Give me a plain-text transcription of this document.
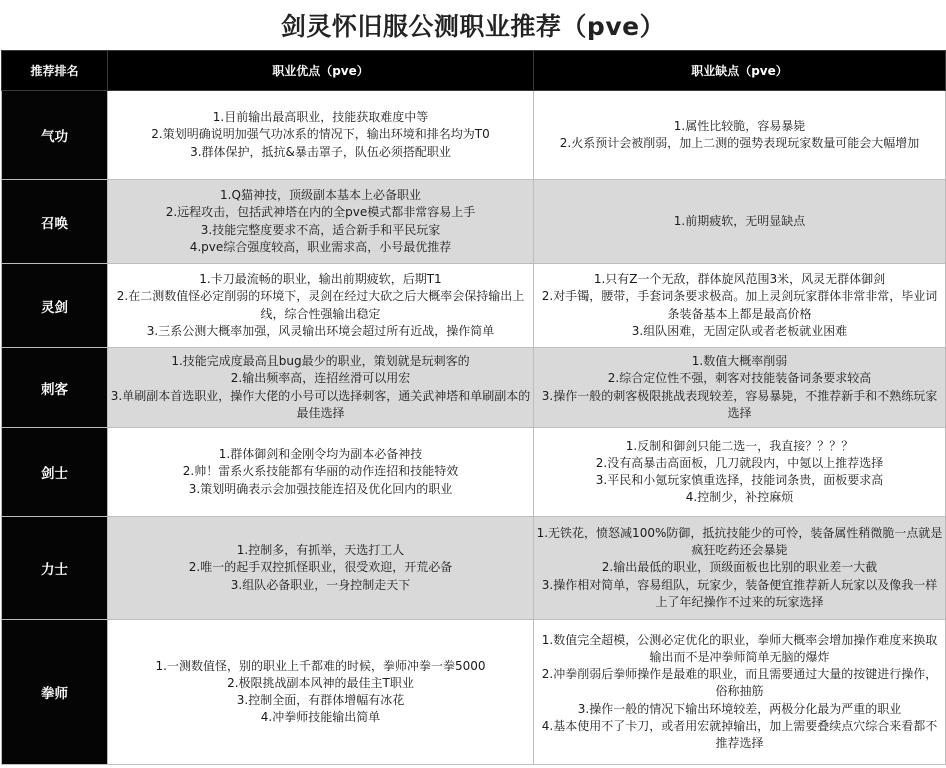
剑灵怀旧服公测职业推荐（pve）
推荐排名	职业优点（pve）	职业缺点（pve）
气功	1.目前输出最高职业，技能获取难度中等
2.策划明确说明加强气功冰系的情况下，输出环境和排名均为T0
3.群体保护，抵抗&暴击罩子，队伍必须搭配职业	1.属性比较脆，容易暴毙
2.火系预计会被削弱，加上二测的强势表现玩家数量可能会大幅增加

召唤	1.Q猫神技，顶级副本基本上必备职业
2.远程攻击，包括武神塔在内的全pve模式都非常容易上手
3.技能完整度要求不高，适合新手和平民玩家
4.pve综合强度较高，职业需求高，小号最优推荐	1.前期疲软，无明显缺点

灵剑	1.卡刀最流畅的职业，输出前期疲软，后期T1
2.在二测数值怪必定削弱的环境下，灵剑在经过大砍之后大概率会保持输出上线，综合性强输出稳定
3.三系公测大概率加强，风灵输出环境会超过所有近战，操作简单	1.只有Z一个无敌，群体旋风范围3米，风灵无群体御剑
2.对手镯，腰带，手套词条要求极高。加上灵剑玩家群体非常非常，毕业词条装备基本上都是最高价格
3.组队困难，无固定队或者老板就业困难

刺客	1.技能完成度最高且bug最少的职业，策划就是玩刺客的
2.输出频率高，连招丝滑可以用宏
3.单刷副本首选职业，操作大佬的小号可以选择刺客，通关武神塔和单刷副本的最佳选择	1.数值大概率削弱
2.综合定位性不强，刺客对技能装备词条要求较高
3.操作一般的刺客极限挑战表现较差，容易暴毙，不推荐新手和不熟练玩家选择

剑士	1.群体御剑和金刚令均为副本必备神技
2.帅！雷系火系技能都有华丽的动作连招和技能特效
3.策划明确表示会加强技能连招及优化回内的职业	1.反制和御剑只能二选一，我直接？？？？
2.没有高暴击高面板，几刀就段内，中氪以上推荐选择
3.平民和小氪玩家慎重选择，技能词条贵，面板要求高
4.控制少，补控麻烦

力士	1.控制多，有抓举，天选打工人
2.唯一的起手双控抓怪职业，很受欢迎，开荒必备
3.组队必备职业，一身控制走天下	1.无铁花，愤怒减100%防御，抵抗技能少的可怜，装备属性稍微脆一点就是疯狂吃药还会暴毙
2.输出最低的职业，顶级面板也比别的职业差一大截
3.操作相对简单，容易组队，玩家少，装备便宜推荐新人玩家以及像我一样上了年纪操作不过来的玩家选择

拳师	1.一测数值怪，别的职业上千都难的时候，拳师冲拳一拳5000
2.极限挑战副本风神的最佳主T职业
3.控制全面，有群体增幅有冰花
4.冲拳师技能输出简单	1.数值完全超模，公测必定优化的职业，拳师大概率会增加操作难度来换取输出而不是冲拳师简单无脑的爆炸
2.冲拳削弱后拳师操作是最难的职业，而且需要通过大量的按键进行操作，俗称抽筋
3.操作一般的情况下输出环境较差，两极分化最为严重的职业
4.基本使用不了卡刀，或者用宏就掉输出，加上需要叠续点穴综合来看都不推荐选择
